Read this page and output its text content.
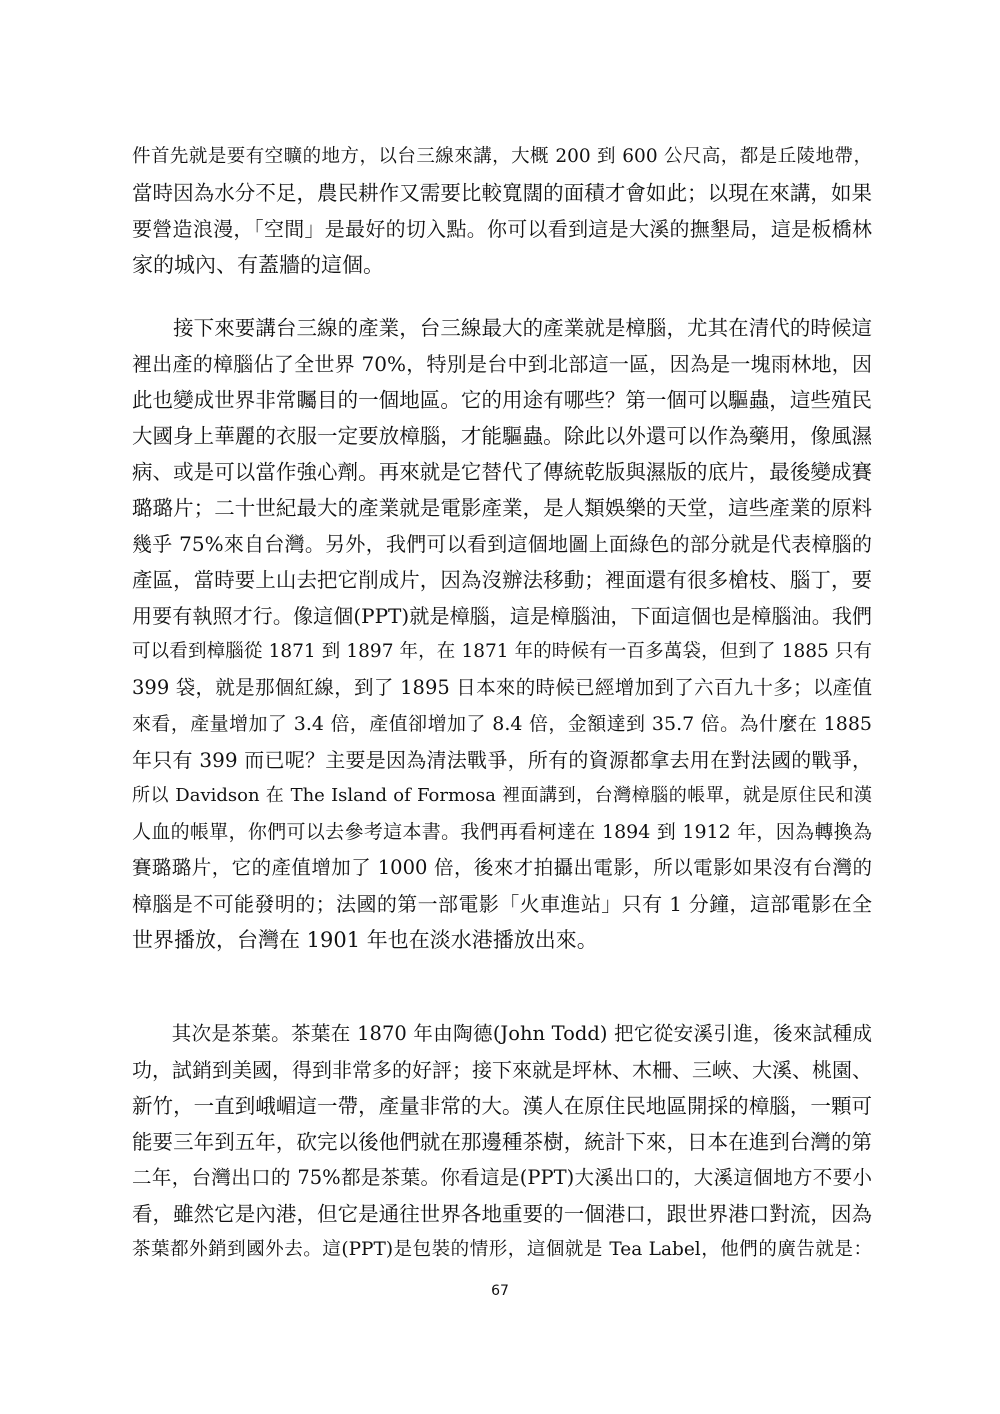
件首先就是要有空曠的地方，以台三線來講，大概 200 到 600 公尺高，都是丘陵地帶，
當時因為水分不足，農民耕作又需要比較寬闊的面積才會如此；以現在來講，如果
要營造浪漫，「空間」是最好的切入點。你可以看到這是大溪的撫墾局，這是板橋林
家的城內、有蓋牆的這個。
　　接下來要講台三線的產業，台三線最大的產業就是樟腦，尤其在清代的時候這
裡出產的樟腦佔了全世界 70%，特別是台中到北部這一區，因為是一塊雨林地，因
此也變成世界非常矚目的一個地區。它的用途有哪些？第一個可以驅蟲，這些殖民
大國身上華麗的衣服一定要放樟腦，才能驅蟲。除此以外還可以作為藥用，像風濕
病、或是可以當作強心劑。再來就是它替代了傳統乾版與濕版的底片，最後變成賽
璐璐片；二十世紀最大的產業就是電影產業，是人類娛樂的天堂，這些產業的原料
幾乎 75%來自台灣。另外，我們可以看到這個地圖上面綠色的部分就是代表樟腦的
產區，當時要上山去把它削成片，因為沒辦法移動；裡面還有很多槍枝、腦丁，要
用要有執照才行。像這個(PPT)就是樟腦，這是樟腦油，下面這個也是樟腦油。我們
可以看到樟腦從 1871 到 1897 年，在 1871 年的時候有一百多萬袋，但到了 1885 只有
399 袋，就是那個紅線，到了 1895 日本來的時候已經增加到了六百九十多；以產值
來看，產量增加了 3.4 倍，產值卻增加了 8.4 倍，金額達到 35.7 倍。為什麼在 1885
年只有 399 而已呢？主要是因為清法戰爭，所有的資源都拿去用在對法國的戰爭，
所以 Davidson 在 The Island of Formosa 裡面講到，台灣樟腦的帳單，就是原住民和漢
人血的帳單，你們可以去參考這本書。我們再看柯達在 1894 到 1912 年，因為轉換為
賽璐璐片，它的產值增加了 1000 倍，後來才拍攝出電影，所以電影如果沒有台灣的
樟腦是不可能發明的；法國的第一部電影「火車進站」只有 1 分鐘，這部電影在全
世界播放，台灣在 1901 年也在淡水港播放出來。
　　其次是茶葉。茶葉在 1870 年由陶德(John Todd) 把它從安溪引進，後來試種成
功，試銷到美國，得到非常多的好評；接下來就是坪林、木柵、三峽、大溪、桃園、
新竹，一直到峨嵋這一帶，產量非常的大。漢人在原住民地區開採的樟腦，一顆可
能要三年到五年，砍完以後他們就在那邊種茶樹，統計下來，日本在進到台灣的第
二年，台灣出口的 75%都是茶葉。你看這是(PPT)大溪出口的，大溪這個地方不要小
看，雖然它是內港，但它是通往世界各地重要的一個港口，跟世界港口對流，因為
茶葉都外銷到國外去。這(PPT)是包裝的情形，這個就是 Tea Label，他們的廣告就是：
67
